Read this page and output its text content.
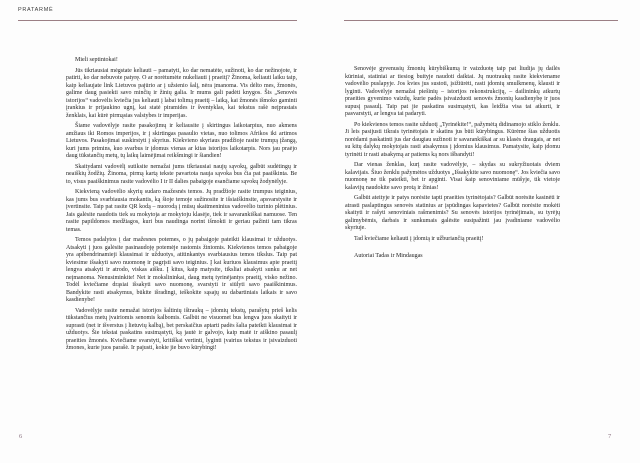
PRATARMĖ

Mieli septintokai!

Jūs tikriausiai mėgstate keliauti – pamatyti, ko dar nematėte, sužinoti, ko dar nežinojote, ir patirti, ko dar nebuvote patyrę. O ar norėtumėte nukeliauti į praeitį? Žinoma, keliauti laiku taip, kaip keliaujate link Lietuvos pajūrio ar į užsienio šalį, nėra įmanoma. Vis dėlto mes, žmonės, galime daug pasiekti savo minčių ir žinių galia. Ir mums gali padėti knygos. Šis „Senovės istorijos“ vadovėlis kviečia jus keliauti į labai tolimą praeitį – laiką, kai žmonės išmoko gaminti įrankius ir prijaukino ugnį, kai statė piramides ir šventyklas, kai tekstus rašė neįprastais ženklais, kai kūrė pirmąsias valstybes ir imperijas.

Šiame vadovėlyje rasite pasakojimų ir keliausite į skirtingus laikotarpius, nuo akmens amžiaus iki Romos imperijos, ir į skirtingas pasaulio vietas, nuo tolimos Afrikos iki artimos Lietuvos. Pasakojimai suskirstyti į skyrius. Kiekvieno skyriaus pradžioje rasite trumpą įžangą, kuri jums primins, kuo svarbus ir įdomus vienas ar kitas istorijos laikotarpis. Nors jau praėjo daug tūkstančių metų, tų laikų laimėjimai reikšmingi ir šiandien!

Skaitydami vadovėlį sutiksite nemažai jums tikriausiai naujų sąvokų, galbūt sudėtingų ir neaiškių žodžių. Žinoma, pirmą kartą tekste pavartota nauja sąvoka bus čia pat paaiškinta. Be to, visus paaiškinimus rasite vadovėlio I ir II dalies pabaigoje esančiame sąvokų žodynėlyje.

Kiekvieną vadovėlio skyrių sudaro mažesnės temos. Jų pradžioje rasite trumpus teiginius, kas jums bus svarbiausia mokantis, ką šioje temoje sužinosite ir išsiaiškinsite, apsvarstysite ir įvertinsite. Taip pat rasite QR kodą – nuorodą į mūsų skaitmeninius vadovėlio turinio plėtinius. Jais galėsite naudotis tiek su mokytoja ar mokytoju klasėje, tiek ir savarankiškai namuose. Ten rasite papildomos medžiagos, kuri bus naudinga norint išmokti ir geriau pažinti tam tikras temas.

Temos padalytos į dar mažesnes potemes, o jų pabaigoje pateikti klausimai ir užduotys. Atsakyti į juos galėsite pasinaudoję potemėje rastomis žiniomis. Kiekvienos temos pabaigoje yra apibendrinamieji klausimai ir užduotys, atitinkantys svarbiausius temos tikslus. Taip pat kviesime išsakyti savo nuomonę ir pagrįsti savo teiginius. Į kai kuriuos klausimus apie praeitį lengva atsakyti ir atrodo, viskas aišku. Į kitus, kaip matysite, tiksliai atsakyti sunku ar net neįmanoma. Nenusiminkite! Net ir mokslininkai, daug metų tyrinėjantys praeitį, visko nežino. Todėl kviečiame drąsiai išsakyti savo nuomonę, svarstyti ir siūlyti savo paaiškinimus. Bandykite rasti atsakymus, būkite išradingi, ieškokite sąsajų su dabartiniais laikais ir savo kasdienybe!

Vadovėlyje rasite nemažai istorijos šaltinių ištraukų – įdomių tekstų, parašytų prieš kelis tūkstančius metų įvairiomis senomis kalbomis. Galbūt ne visuomet bus lengva juos skaityti ir suprasti (net ir išverstus į lietuvių kalbą), bet perskaičius aptarti padės šalia pateikti klausimai ir užduotys. Šie tekstai paskatins susimąstyti, ką jautė ir galvojo, kaip matė ir aiškino pasaulį praeities žmonės. Kviečiame svarstyti, kritiškai vertinti, lyginti įvairius tekstus ir įsivaizduoti žmones, kurie juos parašė. Ir pajusti, kokie jie buvo kūrybingi!

Senovėje gyvenusių žmonių kūrybiškumą ir vaizduotę taip pat liudija jų dailės kūriniai, statiniai ar tiesiog buityje naudoti daiktai. Jų nuotraukų rasite kiekviename vadovėlio puslapyje. Jos kvies jus sustoti, įsižiūrėti, rasti įdomių smulkmenų, klausti ir lyginti. Vadovėlyje nemažai piešinių – istorijos rekonstrukcijų, – dailininkų atkurtų praeities gyvenimo vaizdų, kurie padės įsivaizduoti senovės žmonių kasdienybę ir juos supusį pasaulį. Taip pat jie paskatins susimąstyti, kas leidžia visa tai atkurti, ir pasvarstyti, ar lengva tai padaryti.

Po kiekvienos temos rasite užduotį „Tyrinėkite!“, pažymėtą didinamojo stiklo ženklu. Ji leis pasijusti tikrais tyrinėtojais ir skatins jus būti kūrybingus. Kūrėme šias užduotis norėdami paskatinti jus dar daugiau sužinoti ir savarankiškai ar su klasės draugais, ar net su kitų dalykų mokytojais rasti atsakymus į įdomius klausimus. Pamatysite, kaip įdomu tyrinėti ir rasti atsakymą ar patiems ką nors išbandyti!

Dar vienas ženklas, kurį rasite vadovėlyje, – skydas su sukryžiuotais dviem kalavijais. Šiuo ženklu pažymėtos užduotys „Išsakykite savo nuomonę“. Jos kviečia savo nuomonę ne tik pateikti, bet ir apginti. Visai kaip senoviniame mūšyje, tik vietoje kalavijų naudokite savo protą ir žinias!

Galbūt ateityje ir patys norėsite tapti praeities tyrinėtojais? Galbūt norėsite kasinėti ir atrasti paslaptingus senovės statinius ar įspūdingas kapavietes? Galbūt norėsite mokėti skaityti ir rašyti senoviniais rašmenimis? Su senovės istorijos tyrinėjimais, su tyrėjų galimybėmis, darbais ir sunkumais galėsite susipažinti jau įvadiniame vadovėlio skyriuje.

Tad kviečiame keliauti į įdomią ir užburiančią praeitį!

Autoriai Tadas ir Mindaugas

6	7
